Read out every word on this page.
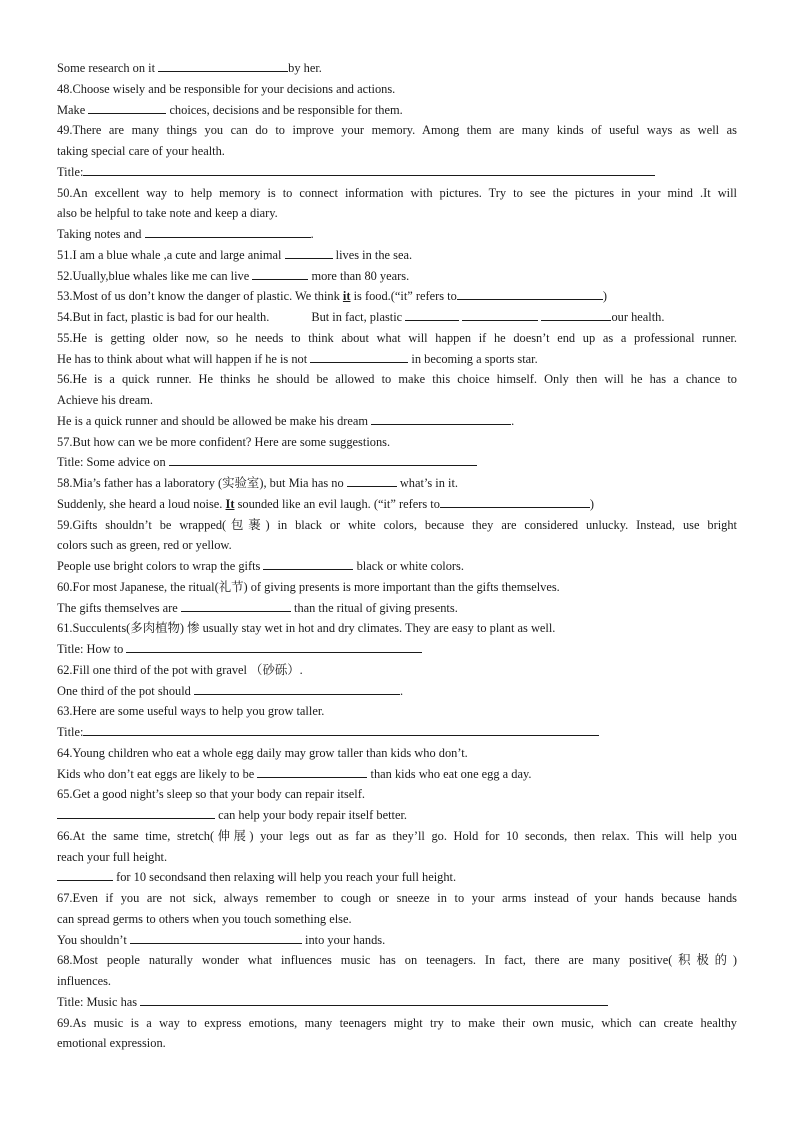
Some research on it	by her.
48.Choose wisely and be responsible for your decisions and actions.
Make	choices, decisions and be responsible for them.
49.There are many things you can do to improve your memory. Among them are many kinds of useful ways as well as
taking special care of your health.
Title:
50.An excellent way to help memory is to connect information with pictures. Try to see the pictures in your mind .It will
also be helpful to take note and keep a diary.
Taking notes and	.
51.I am a blue whale ,a cute and large animal	lives in the sea.
52.Uually,blue whales like me can live	more than 80 years.
53.Most of us don’t know the danger of plastic. We think it is food.(“it” refers to	)
54.But in fact, plastic is bad for our health.	But in fact, plastic	our health.
55.He is getting older now, so he needs to think about what will happen if he doesn’t end up as a professional runner.
He has to think about what will happen if he is not	in becoming a sports star.
56.He is a quick runner. He thinks he should be allowed to make this choice himself. Only then will he has a chance to
Achieve his dream.
He is a quick runner and should be allowed be make his dream	.
57.But how can we be more confident? Here are some suggestions.
Title: Some advice on
58.Mia’s father has a laboratory (实验室), but Mia has no	what’s in it.
Suddenly, she heard a loud noise. It sounded like an evil laugh. (“it” refers to	)
59.Gifts shouldn’t be wrapped(包裹) in black or white colors, because they are considered unlucky. Instead, use bright
colors such as green, red or yellow.
People use bright colors to wrap the gifts	black or white colors.
60.For most Japanese, the ritual(礼节) of giving presents is more important than the gifts themselves.
The gifts themselves are	than the ritual of giving presents.
61.Succulents(多肉植物) 惨 usually stay wet in hot and dry climates. They are easy to plant as well.
Title: How to
62.Fill one third of the pot with gravel （砂砾）.
One third of the pot should	.
63.Here are some useful ways to help you grow taller.
Title:
64.Young children who eat a whole egg daily may grow taller than kids who don’t.
Kids who don’t eat eggs are likely to be	than kids who eat one egg a day.
65.Get a good night’s sleep so that your body can repair itself.
can help your body repair itself better.
66.At the same time, stretch(伸展) your legs out as far as they’ll go. Hold for 10 seconds, then relax. This will help you
reach your full height.
for 10 secondsand then relaxing will help you reach your full height.
67.Even if you are not sick, always remember to cough or sneeze in to your arms instead of your hands because hands
can spread germs to others when you touch something else.
You shouldn’t	into your hands.
68.Most people naturally wonder what influences music has on teenagers. In fact, there are many positive(积极的)
influences.
Title: Music has
69.As music is a way to express emotions, many teenagers might try to make their own music, which can create healthy
emotional expression.
